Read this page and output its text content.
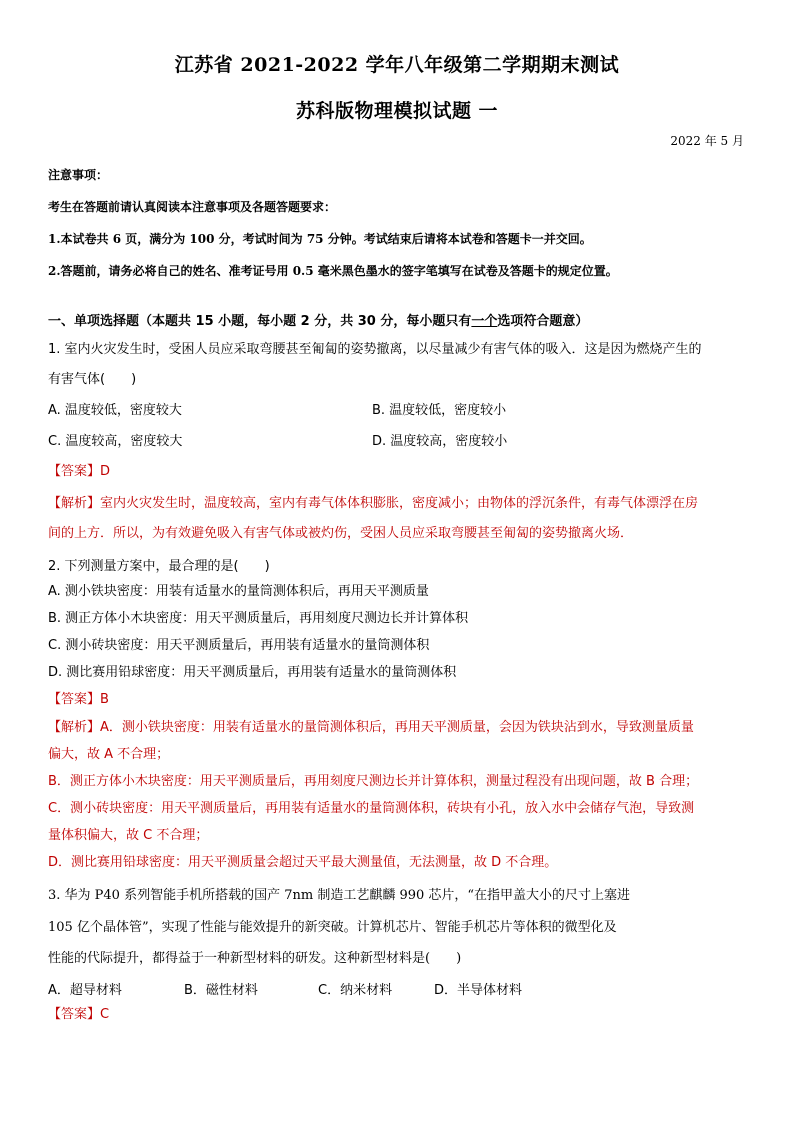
江苏省 2021-2022 学年八年级第二学期期末测试
苏科版物理模拟试题 一
2022 年 5 月
注意事项：
考生在答题前请认真阅读本注意事项及各题答题要求：
1.本试卷共 6 页，满分为 100 分，考试时间为 75 分钟。考试结束后请将本试卷和答题卡一并交回。
2.答题前，请务必将自己的姓名、准考证号用 0.5 毫米黑色墨水的签字笔填写在试卷及答题卡的规定位置。
一、单项选择题（本题共 15 小题，每小题 2 分，共 30 分，每小题只有一个选项符合题意）
1. 室内火灾发生时，受困人员应采取弯腰甚至匍匐的姿势撤离，以尽量减少有害气体的吸入．这是因为燃烧产生的
有害气体(　　)
A. 温度较低，密度较大	B. 温度较低，密度较小
C. 温度较高，密度较大	D. 温度较高，密度较小
【答案】D
【解析】室内火灾发生时，温度较高，室内有毒气体体积膨胀，密度减小；由物体的浮沉条件，有毒气体漂浮在房
间的上方．所以，为有效避免吸入有害气体或被灼伤，受困人员应采取弯腰甚至匍匐的姿势撤离火场．
2. 下列测量方案中，最合理的是(　　)
A. 测小铁块密度：用装有适量水的量筒测体积后，再用天平测质量
B. 测正方体小木块密度：用天平测质量后，再用刻度尺测边长并计算体积
C. 测小砖块密度：用天平测质量后，再用装有适量水的量筒测体积
D. 测比赛用铅球密度：用天平测质量后，再用装有适量水的量筒测体积
【答案】B
【解析】A．测小铁块密度：用装有适量水的量筒测体积后，再用天平测质量，会因为铁块沾到水，导致测量质量
偏大，故 A 不合理；
B．测正方体小木块密度：用天平测质量后，再用刻度尺测边长并计算体积，测量过程没有出现问题，故 B 合理；
C．测小砖块密度：用天平测质量后，再用装有适量水的量筒测体积，砖块有小孔，放入水中会储存气泡，导致测
量体积偏大，故 C 不合理；
D．测比赛用铅球密度：用天平测质量会超过天平最大测量值，无法测量，故 D 不合理。
3. 华为 P40 系列智能手机所搭载的国产 7nm 制造工艺麒麟 990 芯片，“在指甲盖大小的尺寸上塞进
105 亿个晶体管”，实现了性能与能效提升的新突破。计算机芯片、智能手机芯片等体积的微型化及
性能的代际提升，都得益于一种新型材料的研发。这种新型材料是(　　)
A．超导材料	B．磁性材料	C．纳米材料	D．半导体材料
【答案】C
